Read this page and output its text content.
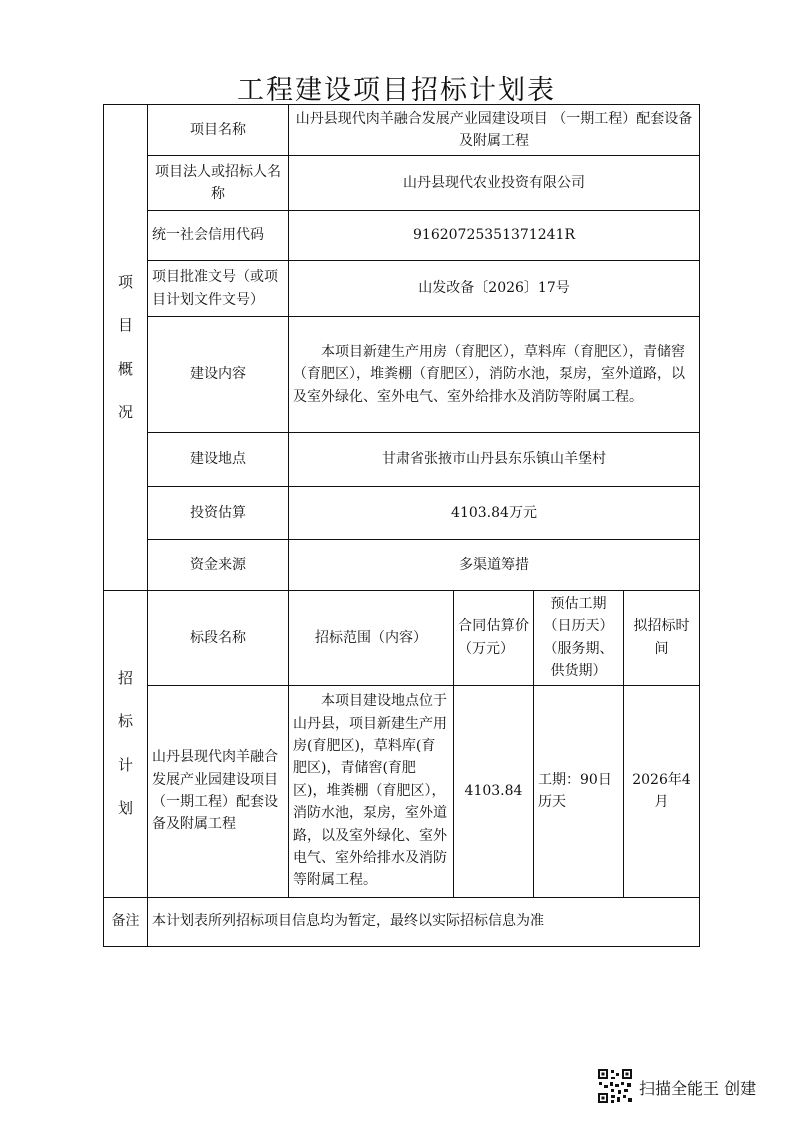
工程建设项目招标计划表
项
目
概
况	项目名称	山丹县现代肉羊融合发展产业园建设项目 （一期工程）配套设备及附属工程			
	项目法人或招标人名称	山丹县现代农业投资有限公司			
	统一社会信用代码	91620725351371241R			
	项目批准文号（或项目计划文件文号）	山发改备〔2026〕17号			
	建设内容	本项目新建生产用房（育肥区），草料库（育肥区），青储窖（育肥区），堆粪棚（育肥区），消防水池，泵房，室外道路，以及室外绿化、室外电气、室外给排水及消防等附属工程。			
	建设地点	甘肃省张掖市山丹县东乐镇山羊堡村			
	投资估算	4103.84万元			
	资金来源	多渠道筹措			
招
标
计
划	标段名称	招标范围（内容）	合同估算价（万元）	预估工期（日历天）（服务期、供货期）	拟招标时间
	山丹县现代肉羊融合发展产业园建设项目（一期工程）配套设备及附属工程	本项目建设地点位于山丹县，项目新建生产用房(育肥区)，草料库(育肥区)，青储窖(育肥区)，堆粪棚（育肥区），消防水池，泵房，室外道路，以及室外绿化、室外电气、室外给排水及消防等附属工程。	4103.84	工期：90日历天	2026年4月
备注	本计划表所列招标项目信息均为暂定，最终以实际招标信息为准				
扫描全能王 创建
